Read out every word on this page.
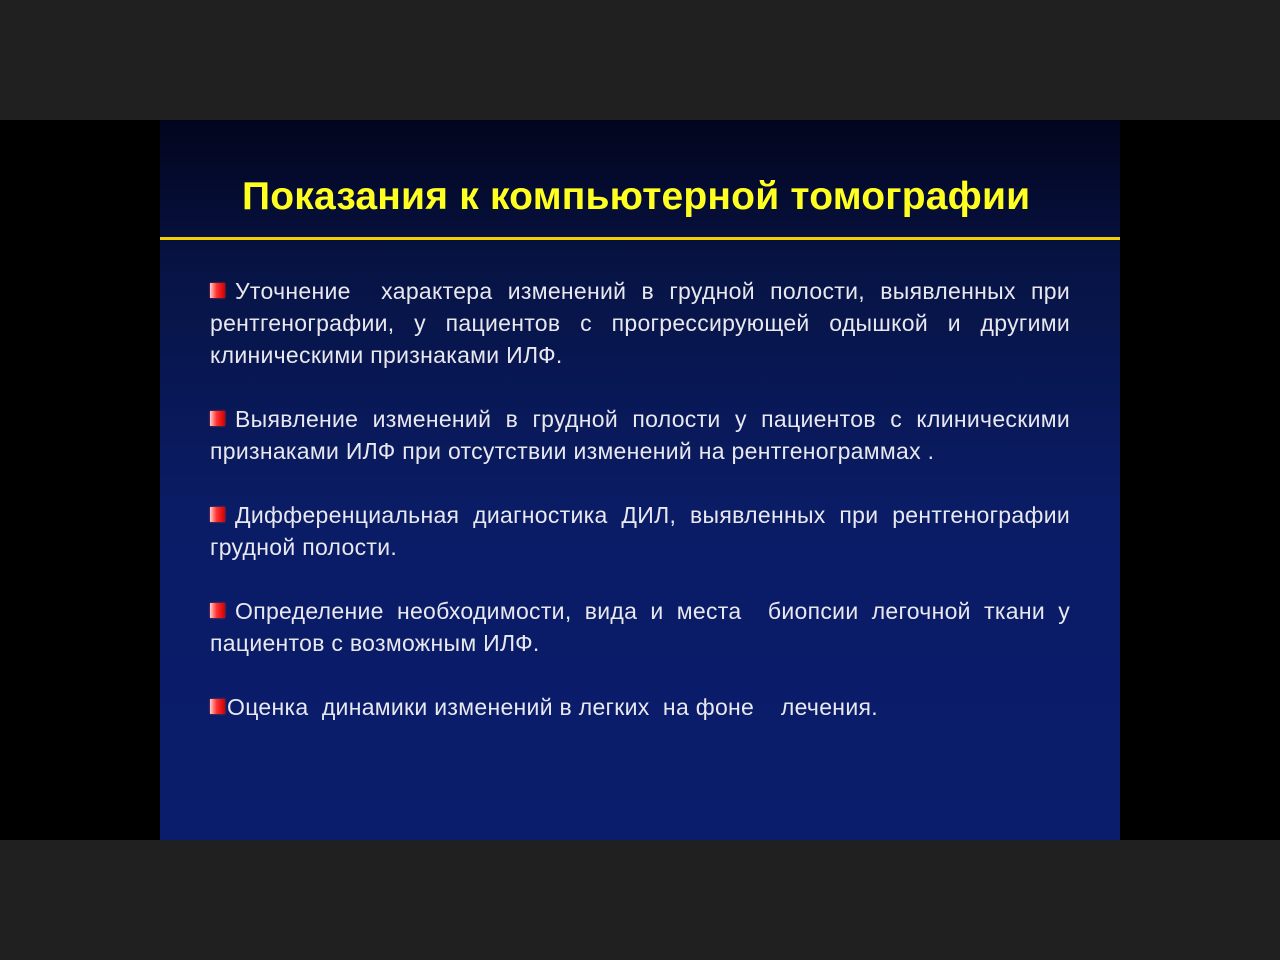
Показания к компьютерной томографии
Уточнение  характера изменений в грудной полости, выявленных при рентгенографии, у пациентов с прогрессирующей одышкой и другими клиническими признаками ИЛФ.
Выявление изменений в грудной полости у пациентов с клиническими признаками ИЛФ при отсутствии изменений на рентгенограммах .
Дифференциальная диагностика ДИЛ, выявленных при рентгенографии грудной полости.
Определение необходимости, вида и места  биопсии легочной ткани у пациентов с возможным ИЛФ.
Оценка  динамики изменений в легких  на фоне    лечения.
